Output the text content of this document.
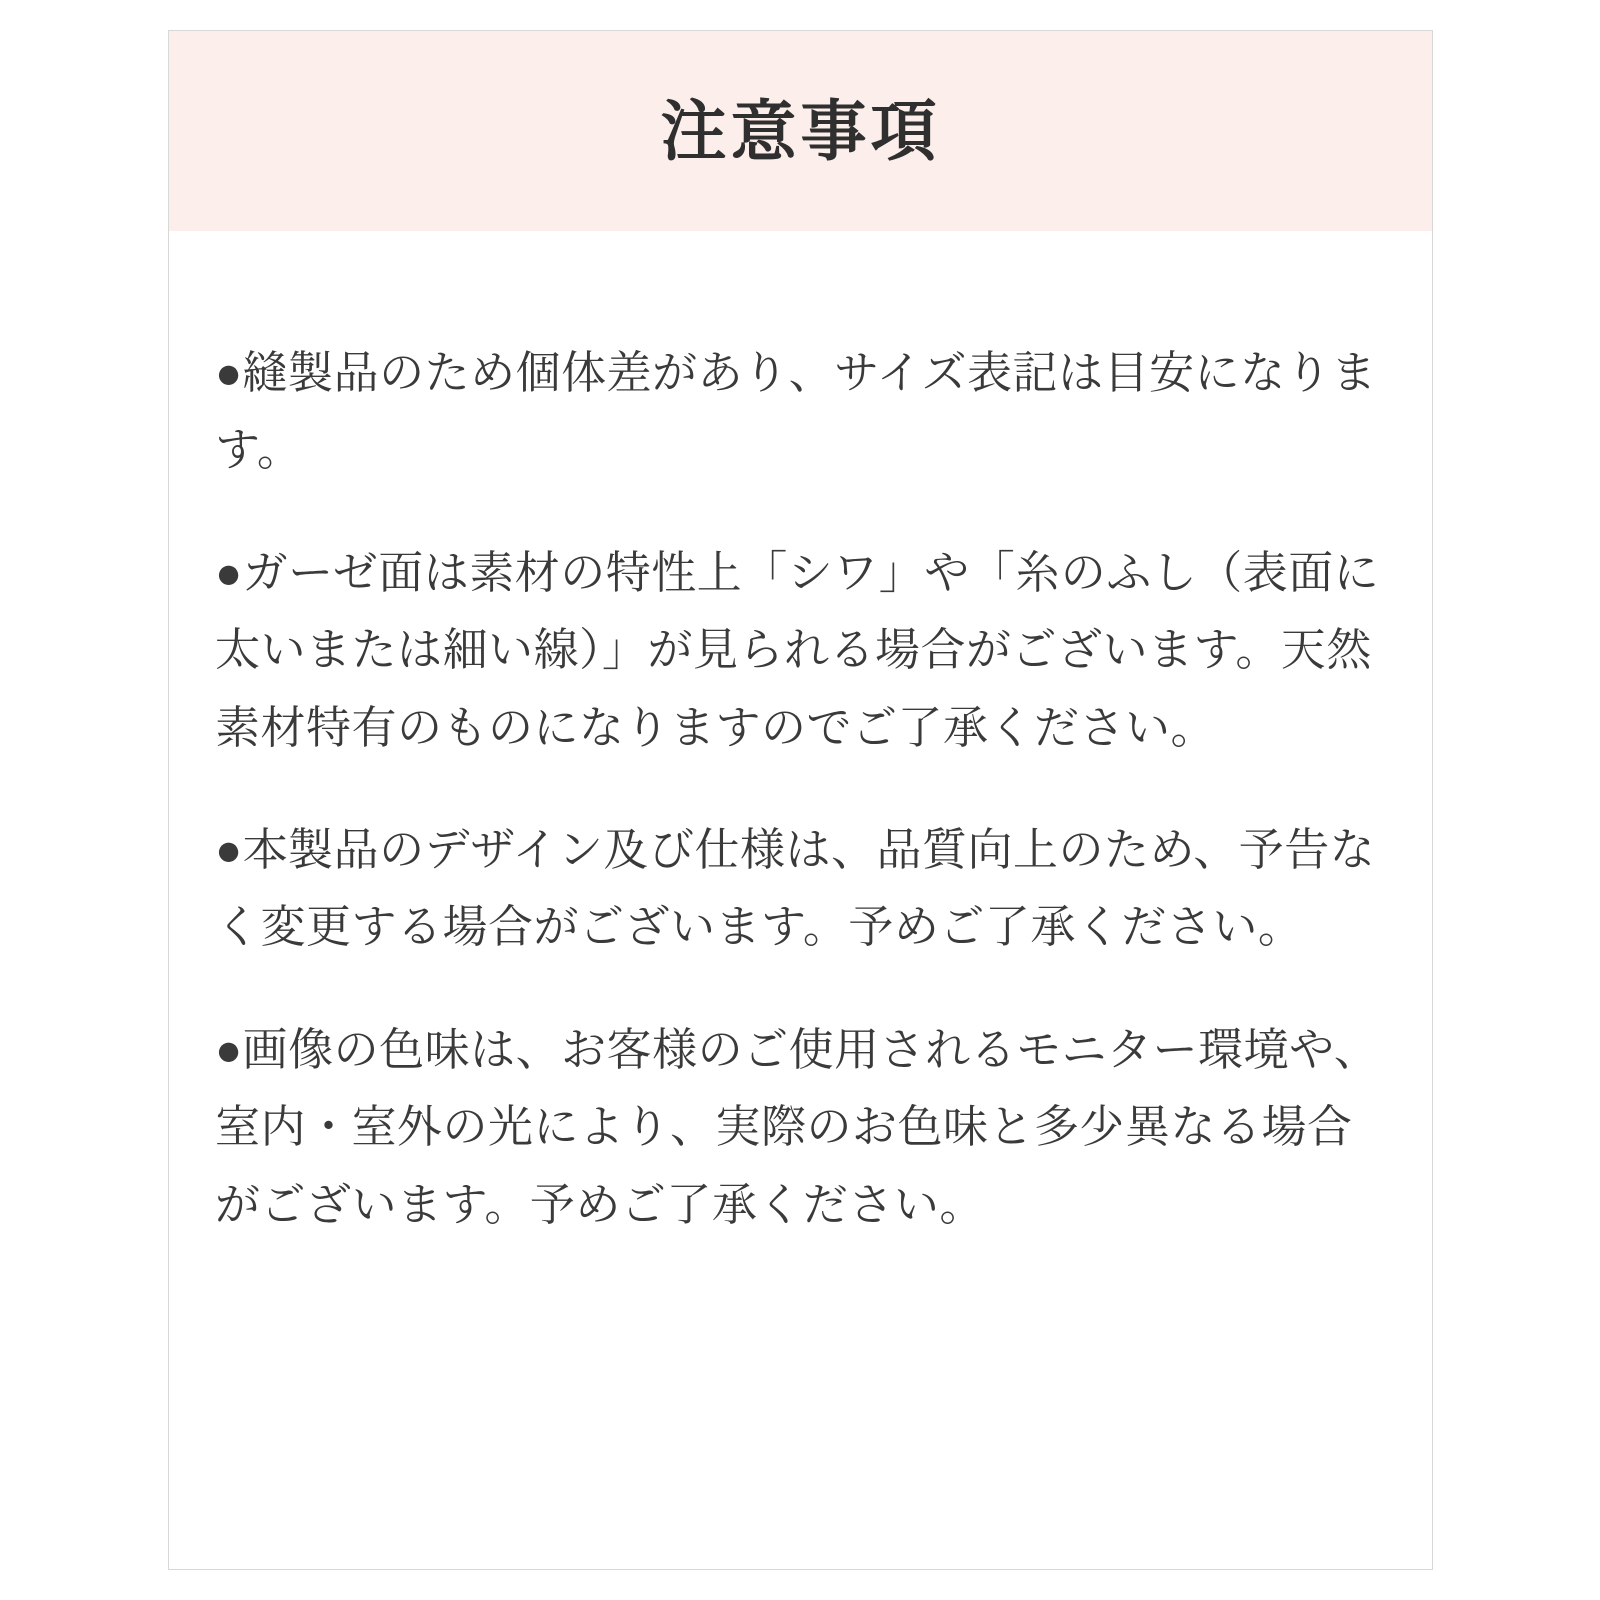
注意事項

●縫製品のため個体差があり、サイズ表記は目安になります。

●ガーゼ面は素材の特性上「シワ」や「糸のふし（表面に太いまたは細い線）」が見られる場合がございます。天然素材特有のものになりますのでご了承ください。

●本製品のデザイン及び仕様は、品質向上のため、予告なく変更する場合がございます。予めご了承ください。

●画像の色味は、お客様のご使用されるモニター環境や、室内・室外の光により、実際のお色味と多少異なる場合がございます。予めご了承ください。
